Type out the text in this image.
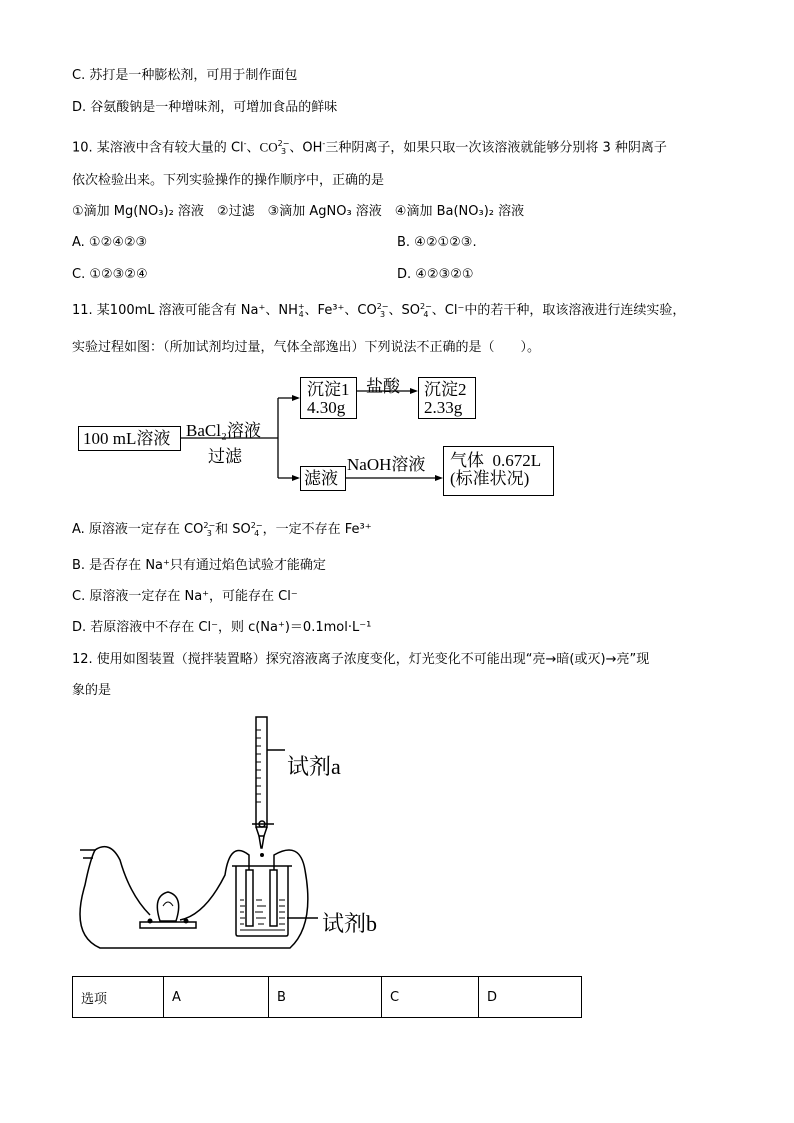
C. 苏打是一种膨松剂，可用于制作面包
D. 谷氨酸钠是一种增味剂，可增加食品的鲜味
10. 某溶液中含有较大量的 Cl-、CO 2−
3 、OH-三种阴离子，如果只取一次该溶液就能够分别将 3 种阴离子
依次检验出来。下列实验操作的操作顺序中，正确的是
①滴加 Mg(NO₃)₂ 溶液　②过滤　③滴加 AgNO₃ 溶液　④滴加 Ba(NO₃)₂ 溶液
A. ①②④②③	B. ④②①②③.
C. ①②③②④	D. ④②③②①
11. 某100mL 溶液可能含有 Na⁺、NH +
4 、Fe³⁺、CO 2−
3 、SO 2−
4 、Cl⁻中的若干种，取该溶液进行连续实验，
实验过程如图：（所加试剂均过量，气体全部逸出）下列说法不正确的是（　　）。
100 mL溶液 BaCl₂溶液
过滤
沉淀1
4.30g
盐酸 沉淀2
2.33g
滤液
NaOH溶液 气体  0.672L
(标准状况)
A. 原溶液一定存在 CO 2−
3 和 SO 2−
4 ，一定不存在 Fe³⁺
B. 是否存在 Na⁺只有通过焰色试验才能确定
C. 原溶液一定存在 Na⁺，可能存在 Cl⁻
D. 若原溶液中不存在 Cl⁻，则 c(Na⁺)＝0.1mol·L⁻¹
12. 使用如图装置（搅拌装置略）探究溶液离子浓度变化，灯光变化不可能出现“亮→暗(或灭)→亮”现
象的是
试剂a
试剂b
选项	A	B	C	D
